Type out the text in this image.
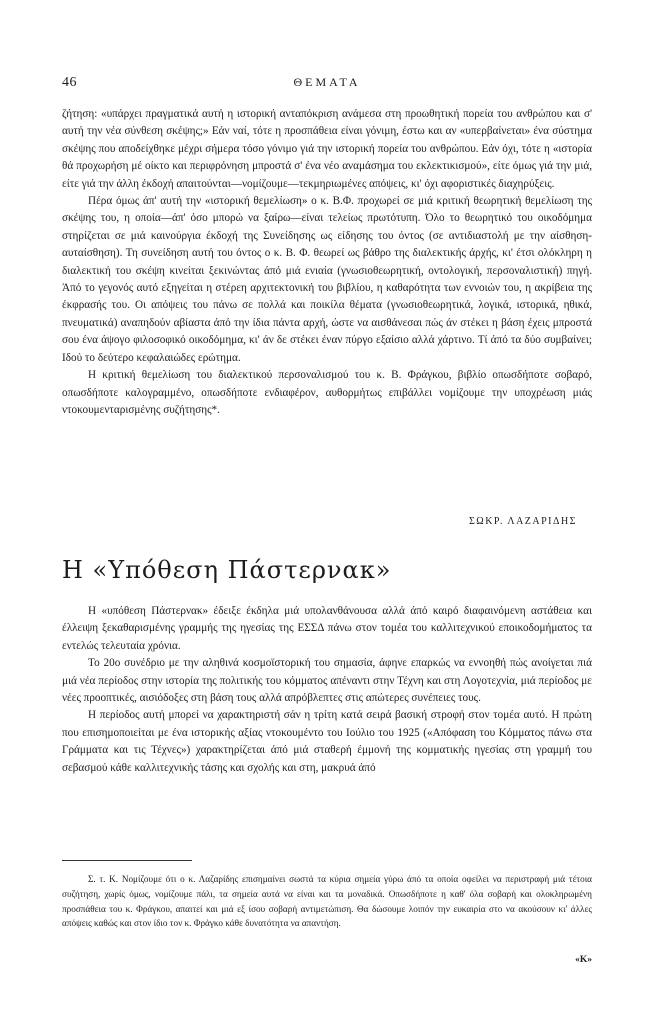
46	ΘΕΜΑΤΑ

ζήτηση: «υπάρχει πραγματικά αυτή η ιστορική ανταπόκριση ανάμεσα στη προωθητική πορεία του ανθρώπου και σ' αυτή την νέα σύνθεση σκέψης;» Εάν ναί, τότε η προσπάθεια είναι γόνιμη, έστω και αν «υπερβαίνεται» ένα σύστημα σκέψης που αποδείχθηκε μέχρι σήμερα τόσο γόνιμο γιά την ιστορική πορεία του ανθρώπου. Εάν όχι, τότε η «ιστορία θά προχωρήση μέ οίκτο και περιφρόνηση μπροστά σ' ένα νέο αναμάσημα του εκλεκτικισμού», είτε όμως γιά την μιά, είτε γιά την άλλη έκδοχή απαιτούνται—νομίζουμε—τεκμηριωμένες απόψεις, κι' όχι αφοριστικές διαχηρύξεις.

Πέρα όμως άπ' αυτή την «ιστορική θεμελίωση» ο κ. Β.Φ. προχωρεί σε μιά κριτική θεωρητική θεμελίωση της σκέψης του, η οποία—άπ' όσο μπορώ να ξαίρω—είναι τελείως πρωτότυπη. Όλο το θεωρητικό του οικοδόμημα στηρίζεται σε μιά καινούργια έκδοχή της Συνείδησης ως είδησης του όντος (σε αντιδιαστολή με την αίσθηση-αυταίσθηση). Τη συνείδηση αυτή του όντος ο κ. Β. Φ. θεωρεί ως βάθρο της διαλεκτικής άρχής, κι' έτσι ολόκληρη η διαλεκτική του σκέψη κινείται ξεκινώντας άπό μιά ενιαία (γνωσιοθεωρητική, οντολογική, περσοναλιστική) πηγή. Άπό το γεγονός αυτό εξηγείται η στέρεη αρχιτεκτονική του βιβλίου, η καθαρότητα των εννοιών του, η ακρίβεια της έκφρασής του. Οι απόψεις του πάνω σε πολλά και ποικίλα θέματα (γνωσιοθεωρητικά, λογικά, ιστορικά, ηθικά, πνευματικά) αναπηδούν αβίαστα άπό την ίδια πάντα αρχή, ώστε να αισθάνεσαι πώς άν στέκει η βάση έχεις μπροστά σου ένα άψογο φιλοσοφικό οικοδόμημα, κι' άν δε στέκει έναν πύργο εξαίσιο αλλά χάρτινο. Τί άπό τα δύο συμβαίνει; Ιδού το δεύτερο κεφαλαιώδες ερώτημα.

Η κριτική θεμελίωση του διαλεκτικού περσοναλισμού του κ. Β. Φράγκου, βιβλίο οπωσδήποτε σοβαρό, οπωσδήποτε καλογραμμένο, οπωσδήποτε ενδιαφέρον, αυθορμήτως επιβάλλει νομίζουμε την υποχρέωση μιάς ντοκουμενταρισμένης συζήτησης*.

ΣΩΚΡ. ΛΑΖΑΡΙΔΗΣ
Η «Υπόθεση Πάστερνακ»

Η «υπόθεση Πάστερνακ» έδειξε έκδηλα μιά υπολανθάνουσα αλλά άπό καιρό διαφαινόμενη αστάθεια και έλλειψη ξεκαθαρισμένης γραμμής της ηγεσίας της ΕΣΣΔ πάνω στον τομέα του καλλιτεχνικού εποικοδομήματος τα εντελώς τελευταία χρόνια.

Το 20ο συνέδριο με την αληθινά κοσμοϊστορική του σημασία, άφηνε επαρκώς να εννοηθή πώς ανοίγεται πιά μιά νέα περίοδος στην ιστορία της πολιτικής του κόμματος απέναντι στην Τέχνη και στη Λογοτεχνία, μιά περίοδος με νέες προοπτικές, αισιόδοξες στη βάση τους αλλά απρόβλεπτες στις απώτερες συνέπειες τους.

Η περίοδος αυτή μπορεί να χαρακτηριστή σάν η τρίτη κατά σειρά βασική στροφή στον τομέα αυτό. Η πρώτη που επισημοποιείται με ένα ιστορικής αξίας ντοκουμέντο του Ιούλιο του 1925 («Απόφαση του Κόμματος πάνω στα Γράμματα και τις Τέχνες») χαρακτηρίζεται άπό μιά σταθερή έμμονή της κομματικής ηγεσίας στη γραμμή του σεβασμού κάθε καλλιτεχνικής τάσης και σχολής και στη, μακρυά άπό

Σ. τ. Κ. Νομίζουμε ότι ο κ. Λαζαρίδης επισημαίνει σωστά τα κύρια σημεία γύρω άπό τα οποία οφείλει να περιστραφή μιά τέτοια συζήτηση, χωρίς όμως, νομίζουμε πάλι, τα σημεία αυτά να είναι και τα μοναδικά. Οπωσδήποτε η καθ' όλα σοβαρή και ολοκληρωμένη προσπάθεια του κ. Φράγκου, απαιτεί και μιά εξ ίσου σοβαρή αντιμετώπιση. Θα δώσουμε λοιπόν την ευκαιρία στο να ακούσουν κι' άλλες απόψεις καθώς και στον ίδιο τον κ. Φράγκο κάθε δυνατότητα να απαντήση.

«Κ»
